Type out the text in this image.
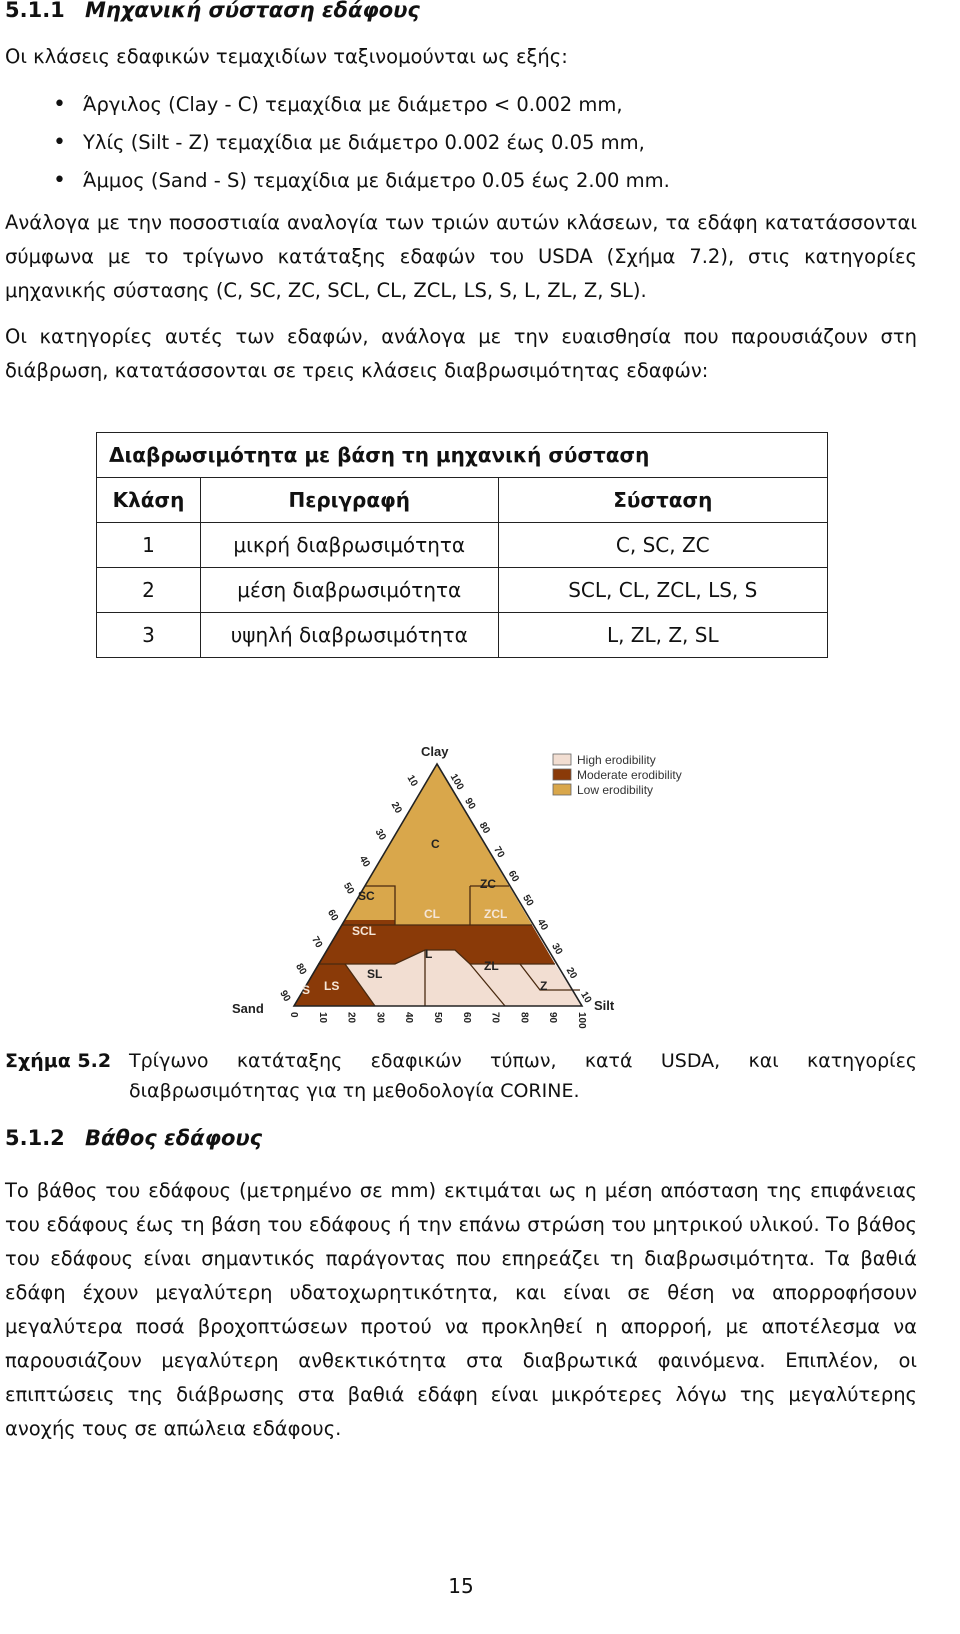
5.1.1 Μηχανική σύσταση εδάφους
Οι κλάσεις εδαφικών τεμαχιδίων ταξινομούνται ως εξής:
• Άργιλος (Clay - C) τεμαχίδια με διάμετρο < 0.002 mm,
• Υλίς (Silt - Z) τεμαχίδια με διάμετρο 0.002 έως 0.05 mm,
• Άμμος (Sand - S) τεμαχίδια με διάμετρο 0.05 έως 2.00 mm.
Ανάλογα με την ποσοστιαία αναλογία των τριών αυτών κλάσεων, τα εδάφη κατατάσσονται σύμφωνα με το τρίγωνο κατάταξης εδαφών του USDA (Σχήμα 7.2), στις κατηγορίες μηχανικής σύστασης (C, SC, ZC, SCL, CL, ZCL, LS, S, L, ZL, Z, SL).
Οι κατηγορίες αυτές των εδαφών, ανάλογα με την ευαισθησία που παρουσιάζουν στη διάβρωση, κατατάσσονται σε τρεις κλάσεις διαβρωσιμότητας εδαφών:
Διαβρωσιμότητα με βάση τη μηχανική σύσταση		
Κλάση	Περιγραφή	Σύσταση
1	μικρή διαβρωσιμότητα	C, SC, ZC
2	μέση διαβρωσιμότητα	SCL, CL, ZCL, LS, S
3	υψηλή διαβρωσιμότητα	L, ZL, Z, SL
C
SC
ZC
SCL
CL	ZCL
L
SL
ZL
LS
S	Z
Clay
Sand	Silt
100
90
80
70
60
50
40
30
20
10
10
20
30
40
50
60
70
80
90
0 10 20 30 40 50 60 70 80 90 100
High erodibility
Moderate erodibility
Low erodibility
Σχήμα 5.2 Τρίγωνο κατάταξης εδαφικών τύπων, κατά USDA, και κατηγορίες διαβρωσιμότητας για τη μεθοδολογία CORINE.
5.1.2 Βάθος εδάφους
Το βάθος του εδάφους (μετρημένο σε mm) εκτιμάται ως η μέση απόσταση της επιφάνειας του εδάφους έως τη βάση του εδάφους ή την επάνω στρώση του μητρικού υλικού. Το βάθος του εδάφους είναι σημαντικός παράγοντας που επηρεάζει τη διαβρωσιμότητα. Τα βαθιά εδάφη έχουν μεγαλύτερη υδατοχωρητικότητα, και είναι σε θέση να απορροφήσουν μεγαλύτερα ποσά βροχοπτώσεων προτού να προκληθεί η απορροή, με αποτέλεσμα να παρουσιάζουν μεγαλύτερη ανθεκτικότητα στα διαβρωτικά φαινόμενα. Επιπλέον, οι επιπτώσεις της διάβρωσης στα βαθιά εδάφη είναι μικρότερες λόγω της μεγαλύτερης ανοχής τους σε απώλεια εδάφους.
15
